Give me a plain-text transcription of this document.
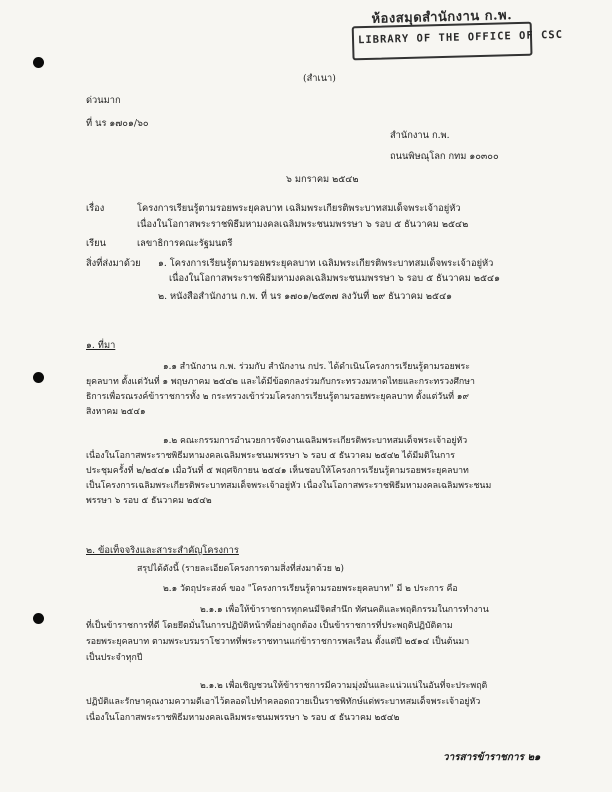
ห้องสมุดสำนักงาน ก.พ.
LIBRARY OF THE OFFICE OF CSC
(สำเนา)
ด่วนมาก
ที่ นร ๑๗๐๑/๖๐
สำนักงาน ก.พ.
ถนนพิษณุโลก กทม ๑๐๓๐๐
๖ มกราคม ๒๕๔๒
เรื่อง	โครงการเรียนรู้ตามรอยพระยุคลบาท เฉลิมพระเกียรติพระบาทสมเด็จพระเจ้าอยู่หัว
เนื่องในโอกาสพระราชพิธีมหามงคลเฉลิมพระชนมพรรษา ๖ รอบ ๕ ธันวาคม ๒๕๔๒
เรียน	เลขาธิการคณะรัฐมนตรี
สิ่งที่ส่งมาด้วย ๑. โครงการเรียนรู้ตามรอยพระยุคลบาท เฉลิมพระเกียรติพระบาทสมเด็จพระเจ้าอยู่หัว
เนื่องในโอกาสพระราชพิธีมหามงคลเฉลิมพระชนมพรรษา ๖ รอบ ๕ ธันวาคม ๒๕๔๑
๒. หนังสือสำนักงาน ก.พ. ที่ นร ๑๗๐๑/๒๕๓๗ ลงวันที่ ๒๙ ธันวาคม ๒๕๔๑
๑. ที่มา
๑.๑ สำนักงาน ก.พ. ร่วมกับ สำนักงาน กปร. ได้ดำเนินโครงการเรียนรู้ตามรอยพระ
ยุคลบาท ตั้งแต่วันที่ ๑ พฤษภาคม ๒๕๔๒ และได้มีข้อตกลงร่วมกับกระทรวงมหาดไทยและกระทรวงศึกษา
ธิการเพื่อรณรงค์ข้าราชการทั้ง ๒ กระทรวงเข้าร่วมโครงการเรียนรู้ตามรอยพระยุคลบาท ตั้งแต่วันที่ ๑๙
สิงหาคม ๒๕๔๑
๑.๒ คณะกรรมการอำนวยการจัดงานเฉลิมพระเกียรติพระบาทสมเด็จพระเจ้าอยู่หัว
เนื่องในโอกาสพระราชพิธีมหามงคลเฉลิมพระชนมพรรษา ๖ รอบ ๕ ธันวาคม ๒๕๔๒ ได้มีมติในการ
ประชุมครั้งที่ ๒/๒๕๔๑ เมื่อวันที่ ๕ พฤศจิกายน ๒๕๔๑ เห็นชอบให้โครงการเรียนรู้ตามรอยพระยุคลบาท
เป็นโครงการเฉลิมพระเกียรติพระบาทสมเด็จพระเจ้าอยู่หัว เนื่องในโอกาสพระราชพิธีมหามงคลเฉลิมพระชนม
พรรษา ๖ รอบ ๕ ธันวาคม ๒๕๔๒
๒. ข้อเท็จจริงและสาระสำคัญโครงการ
สรุปได้ดังนี้ (รายละเอียดโครงการตามสิ่งที่ส่งมาด้วย ๒)
๒.๑ วัตถุประสงค์ ของ "โครงการเรียนรู้ตามรอยพระยุคลบาท" มี ๒ ประการ คือ
๒.๑.๑ เพื่อให้ข้าราชการทุกคนมีจิตสำนึก ทัศนคติและพฤติกรรมในการทำงาน
ที่เป็นข้าราชการที่ดี โดยยึดมั่นในการปฏิบัติหน้าที่อย่างถูกต้อง เป็นข้าราชการที่ประพฤติปฏิบัติตาม
รอยพระยุคลบาท ตามพระบรมราโชวาทที่พระราชทานแก่ข้าราชการพลเรือน ตั้งแต่ปี ๒๕๑๔ เป็นต้นมา
เป็นประจำทุกปี
๒.๑.๒ เพื่อเชิญชวนให้ข้าราชการมีความมุ่งมั่นและแน่วแน่ในอันที่จะประพฤติ
ปฏิบัติและรักษาคุณงามความดีเอาไว้ตลอดไปทำคลอดถวายเป็นราชพิทักษ์แด่พระบาทสมเด็จพระเจ้าอยู่หัว
เนื่องในโอกาสพระราชพิธีมหามงคลเฉลิมพระชนมพรรษา ๖ รอบ ๕ ธันวาคม ๒๕๔๒
วารสารข้าราชการ ๒๑
